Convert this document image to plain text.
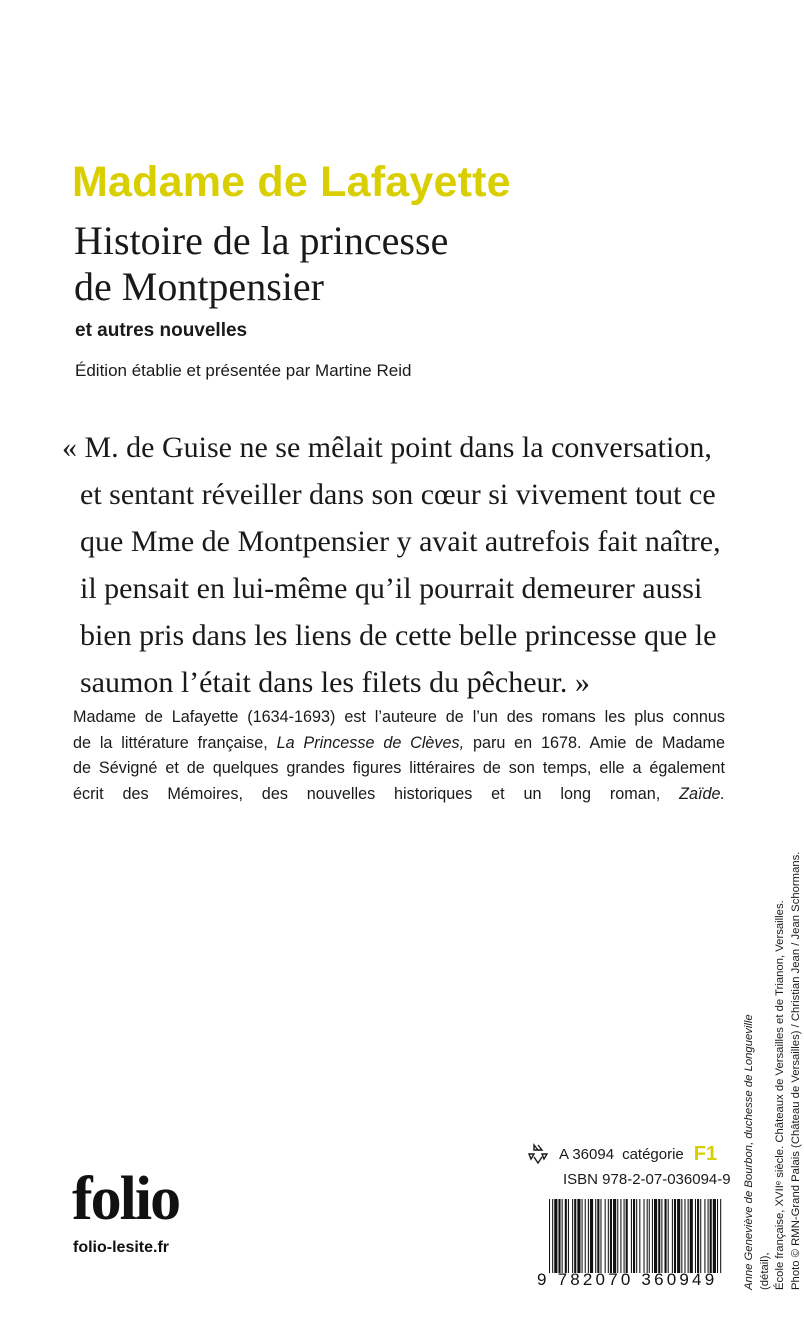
Madame de Lafayette
Histoire de la princesse
de Montpensier
et autres nouvelles
Édition établie et présentée par Martine Reid

« M. de Guise ne se mêlait point dans la conversation,
et sentant réveiller dans son cœur si vivement tout ce
que Mme de Montpensier y avait autrefois fait naître,
il pensait en lui-même qu’il pourrait demeurer aussi
bien pris dans les liens de cette belle princesse que le
saumon l’était dans les filets du pêcheur. »

Madame de Lafayette (1634-1693) est l’auteure de l’un des romans les plus connus
de la littérature française, La Princesse de Clèves, paru en 1678. Amie de Madame
de Sévigné et de quelques grandes figures littéraires de son temps, elle a également
écrit des Mémoires, des nouvelles historiques et un long roman, Zaïde.

Anne Geneviève de Bourbon, duchesse de Longueville (détail), École française, XVIIᵉ siècle. Châteaux de Versailles et de Trianon, Versailles. Photo © RMN-Grand Palais (Château de Versailles) / Christian Jean / Jean Schormans.
folio
folio-lesite.fr
A 36094 catégorie F1
ISBN 978-2-07-036094-9
9 782070 360949
